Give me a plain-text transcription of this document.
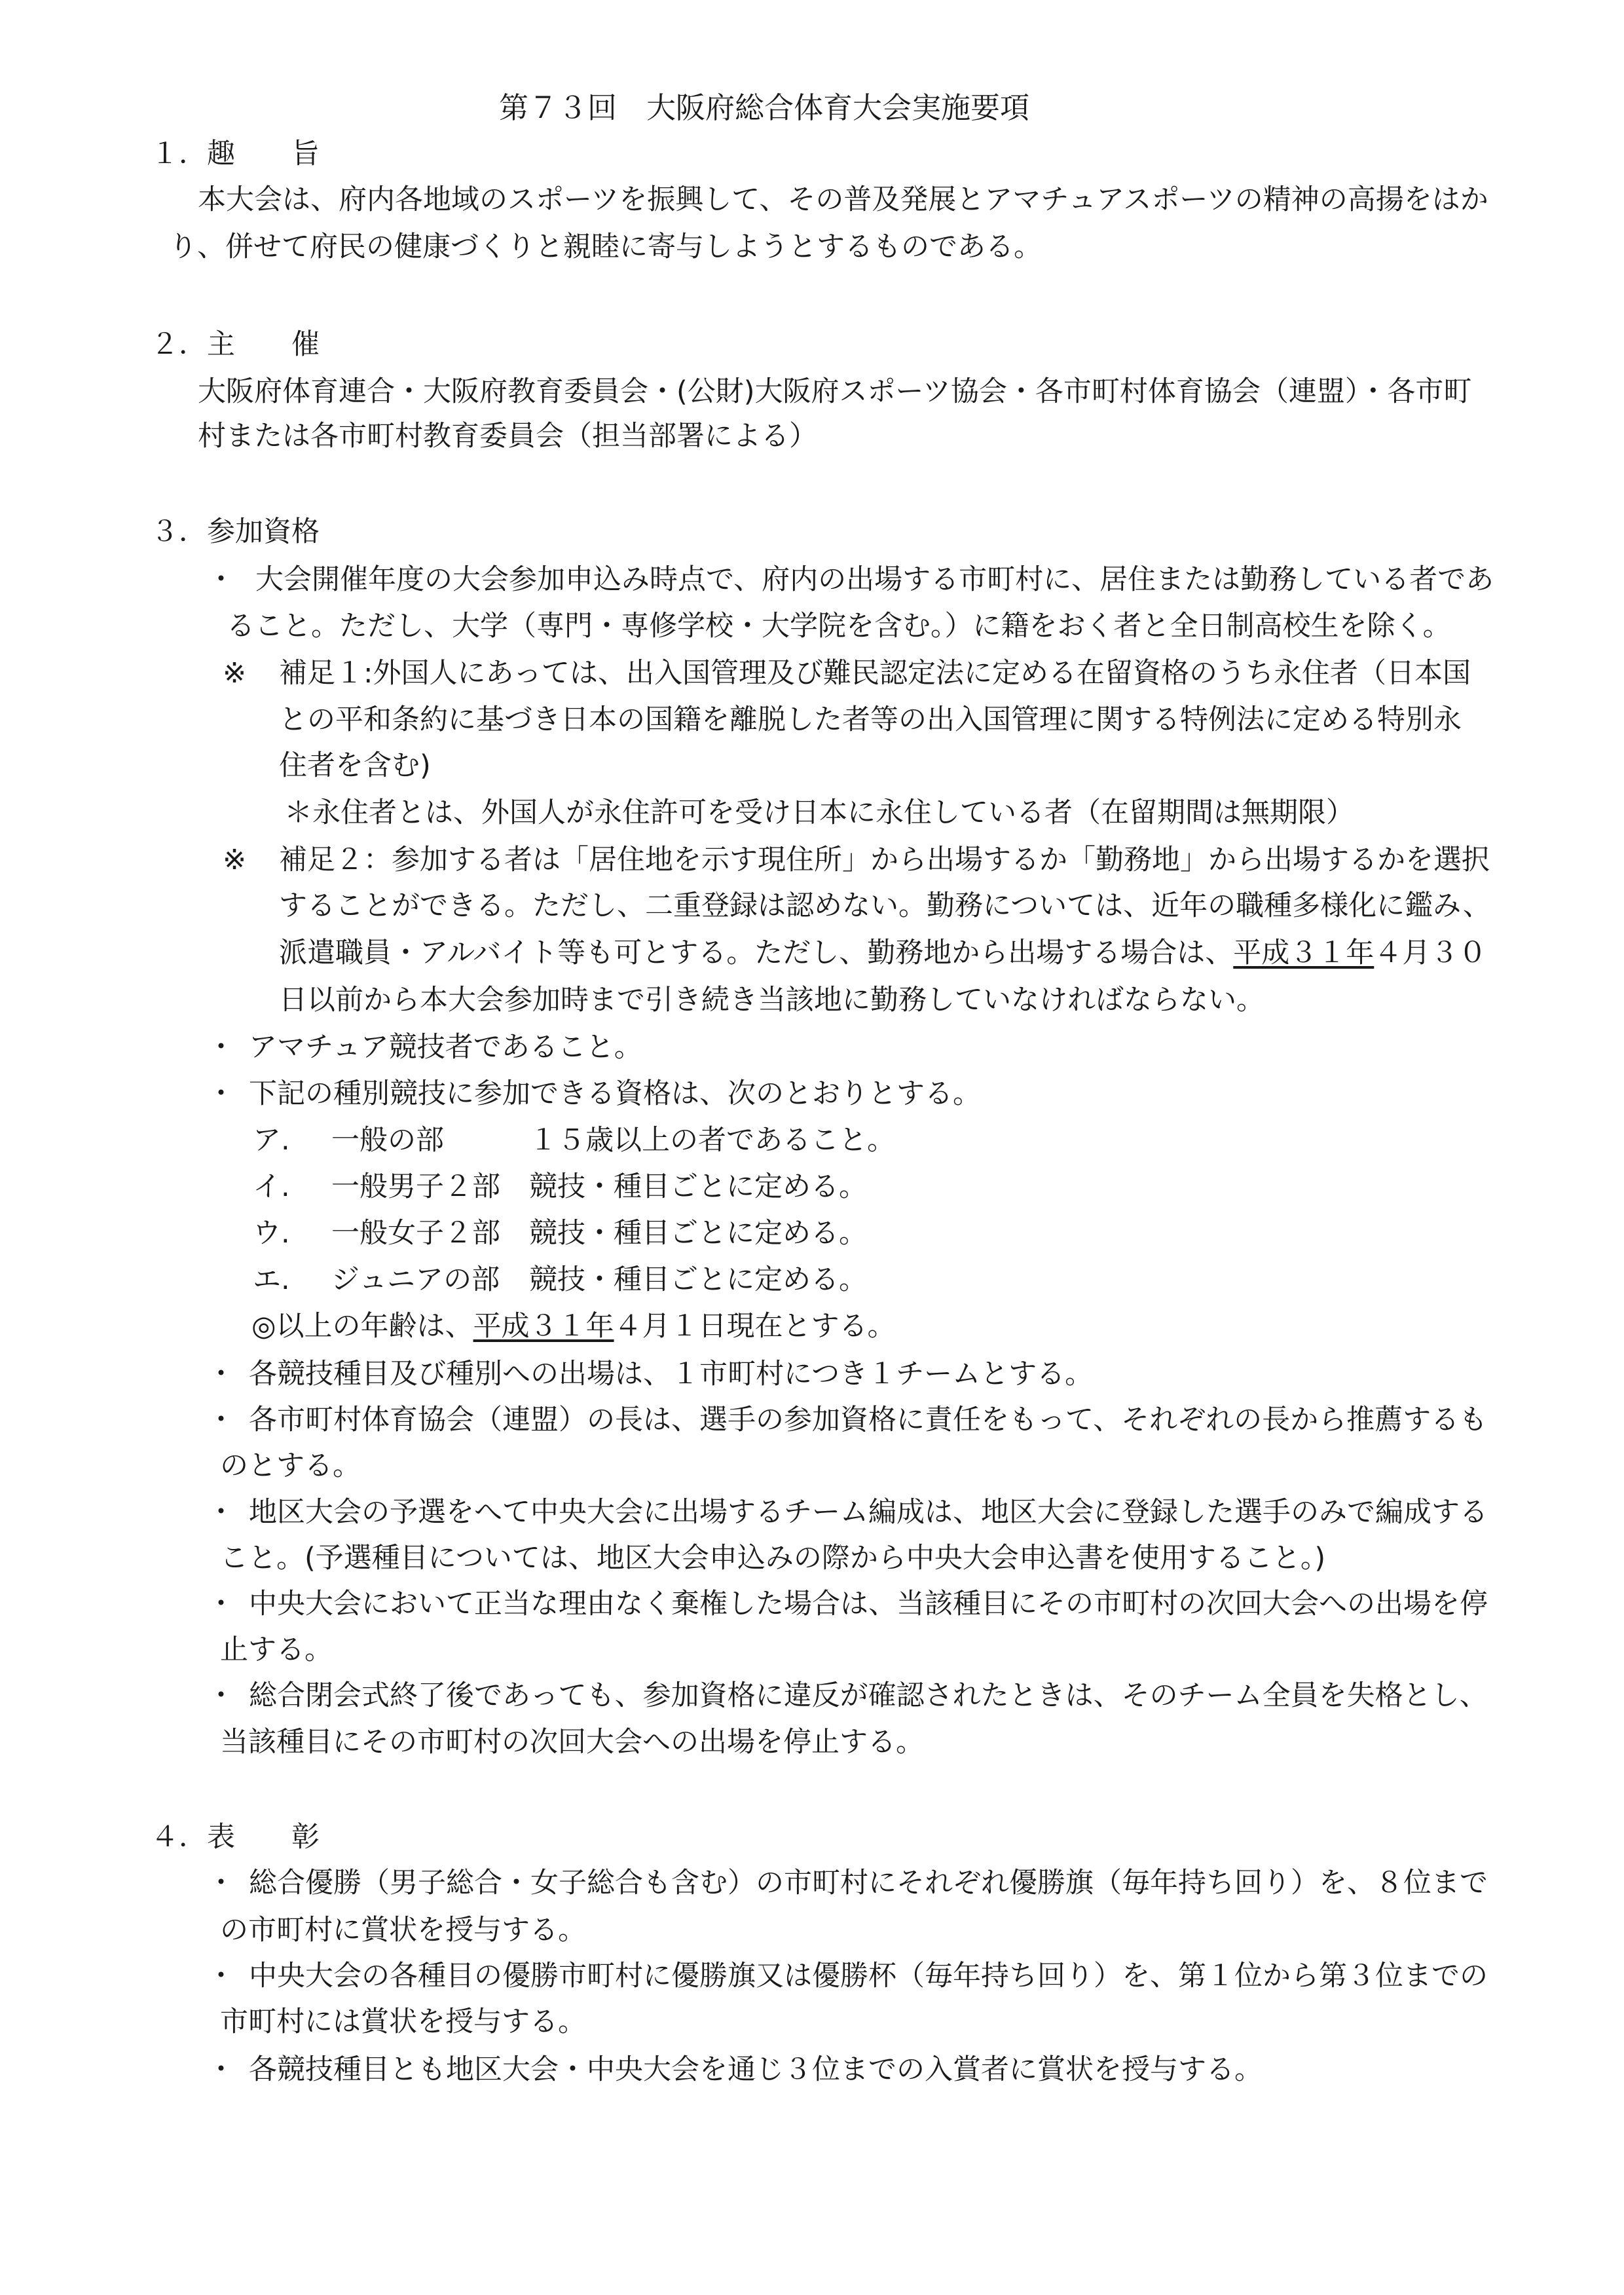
第７３回　大阪府総合体育大会実施要項
１．趣　　旨
本大会は、府内各地域のスポーツを振興して、その普及発展とアマチュアスポーツの精神の高揚をはか
り、併せて府民の健康づくりと親睦に寄与しようとするものである。
２．主　　催
大阪府体育連合・大阪府教育委員会・(公財)大阪府スポーツ協会・各市町村体育協会（連盟）・各市町
村または各市町村教育委員会（担当部署による）
３．参加資格
・ 大会開催年度の大会参加申込み時点で、府内の出場する市町村に、居住または勤務している者であ
ること。ただし、大学（専門・専修学校・大学院を含む。）に籍をおく者と全日制高校生を除く。
※ 補足１:外国人にあっては、出入国管理及び難民認定法に定める在留資格のうち永住者（日本国
との平和条約に基づき日本の国籍を離脱した者等の出入国管理に関する特例法に定める特別永
住者を含む)
＊永住者とは、外国人が永住許可を受け日本に永住している者（在留期間は無期限）
※ 補足２：参加する者は「居住地を示す現住所」から出場するか「勤務地」から出場するかを選択
することができる。ただし、二重登録は認めない。勤務については、近年の職種多様化に鑑み、
派遣職員・アルバイト等も可とする。ただし、勤務地から出場する場合は、平成３１年４月３０
日以前から本大会参加時まで引き続き当該地に勤務していなければならない。
・ アマチュア競技者であること。
・ 下記の種別競技に参加できる資格は、次のとおりとする。
ア. 一般の部	１５歳以上の者であること。
イ. 一般男子２部 競技・種目ごとに定める。
ウ. 一般女子２部 競技・種目ごとに定める。
エ. ジュニアの部 競技・種目ごとに定める。
◎以上の年齢は、平成３１年４月１日現在とする。
・ 各競技種目及び種別への出場は、１市町村につき１チームとする。
・ 各市町村体育協会（連盟）の長は、選手の参加資格に責任をもって、それぞれの長から推薦するも
のとする。
・ 地区大会の予選をへて中央大会に出場するチーム編成は、地区大会に登録した選手のみで編成する
こと。(予選種目については、地区大会申込みの際から中央大会申込書を使用すること。)
・ 中央大会において正当な理由なく棄権した場合は、当該種目にその市町村の次回大会への出場を停
止する。
・ 総合閉会式終了後であっても、参加資格に違反が確認されたときは、そのチーム全員を失格とし、
当該種目にその市町村の次回大会への出場を停止する。
４．表　　彰
・ 総合優勝（男子総合・女子総合も含む）の市町村にそれぞれ優勝旗（毎年持ち回り）を、８位まで
の市町村に賞状を授与する。
・ 中央大会の各種目の優勝市町村に優勝旗又は優勝杯（毎年持ち回り）を、第１位から第３位までの
市町村には賞状を授与する。
・ 各競技種目とも地区大会・中央大会を通じ３位までの入賞者に賞状を授与する。
